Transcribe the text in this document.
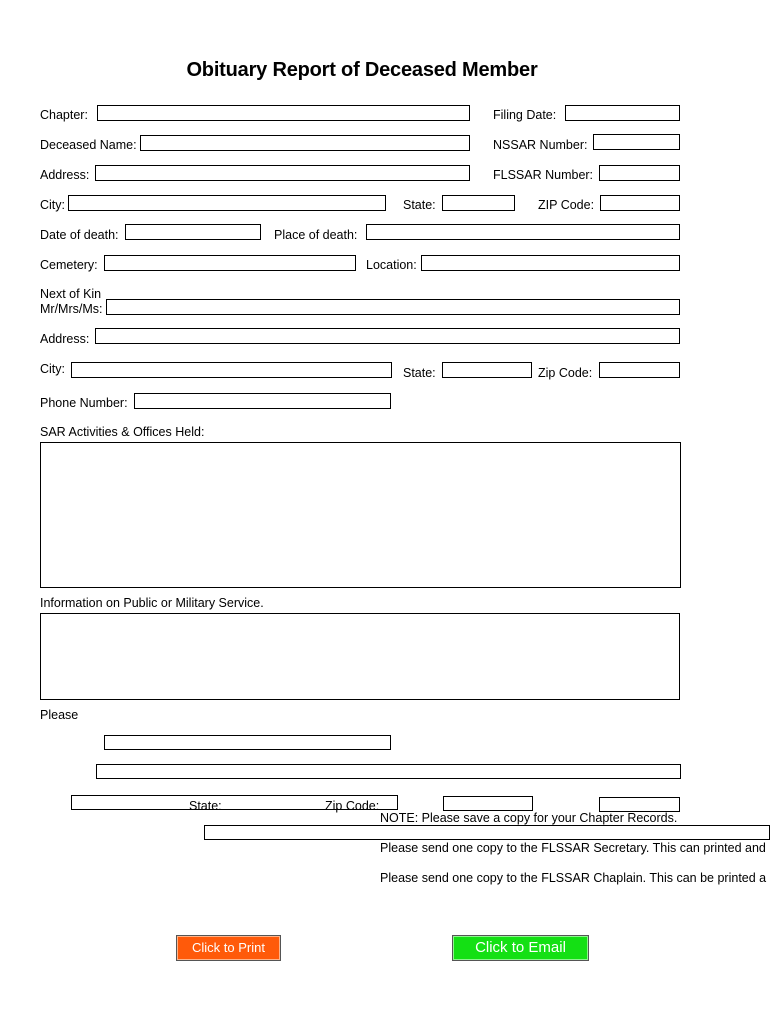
Obituary Report of Deceased Member
Chapter:	Filing Date:
Deceased Name:	NSSAR Number:
Address:	FLSSAR Number:
City:	State:	ZIP Code:
Date of death:	Place of death:
Cemetery:	Location:
Next of Kin
Mr/Mrs/Ms:
Address:
City:	State:	Zip Code:
Phone Number:
SAR Activities & Offices Held:
Information on Public or Military Service.
Please
State:	Zip Code:
NOTE: Please save a copy for your Chapter Records.
Please send one copy to the FLSSAR Secretary. This can printed and
Please send one copy to the FLSSAR Chaplain. This can be printed a
Click to Print	Click to Email
